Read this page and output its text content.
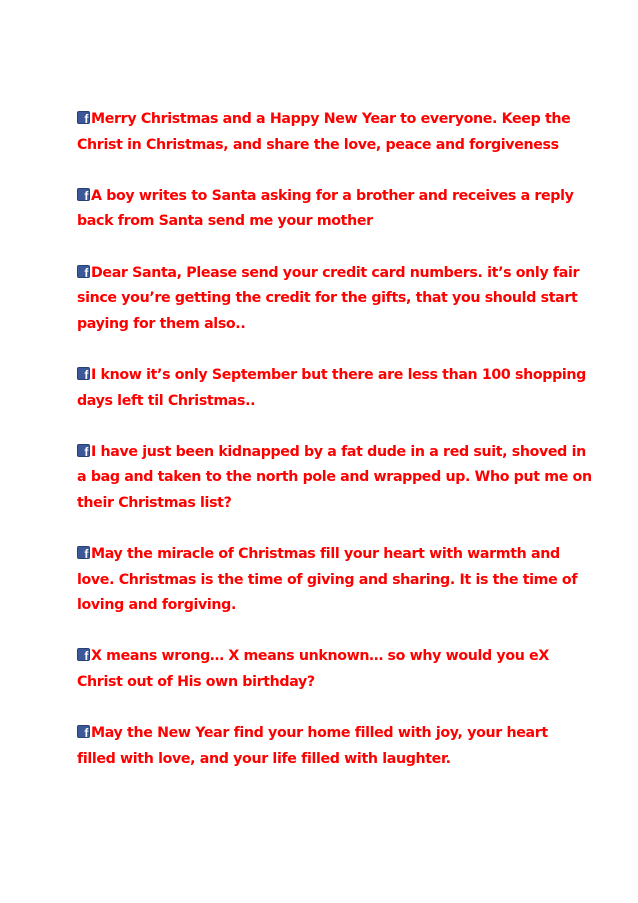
fMerry Christmas and a Happy New Year to everyone. Keep the
Christ in Christmas, and share the love, peace and forgiveness

fA boy writes to Santa asking for a brother and receives a reply
back from Santa send me your mother

fDear Santa, Please send your credit card numbers. it’s only fair
since you’re getting the credit for the gifts, that you should start
paying for them also..

fI know it’s only September but there are less than 100 shopping
days left til Christmas..

fI have just been kidnapped by a fat dude in a red suit, shoved in
a bag and taken to the north pole and wrapped up. Who put me on
their Christmas list?

fMay the miracle of Christmas fill your heart with warmth and
love. Christmas is the time of giving and sharing. It is the time of
loving and forgiving.

fX means wrong… X means unknown… so why would you eX
Christ out of His own birthday?

fMay the New Year find your home filled with joy, your heart
filled with love, and your life filled with laughter.
